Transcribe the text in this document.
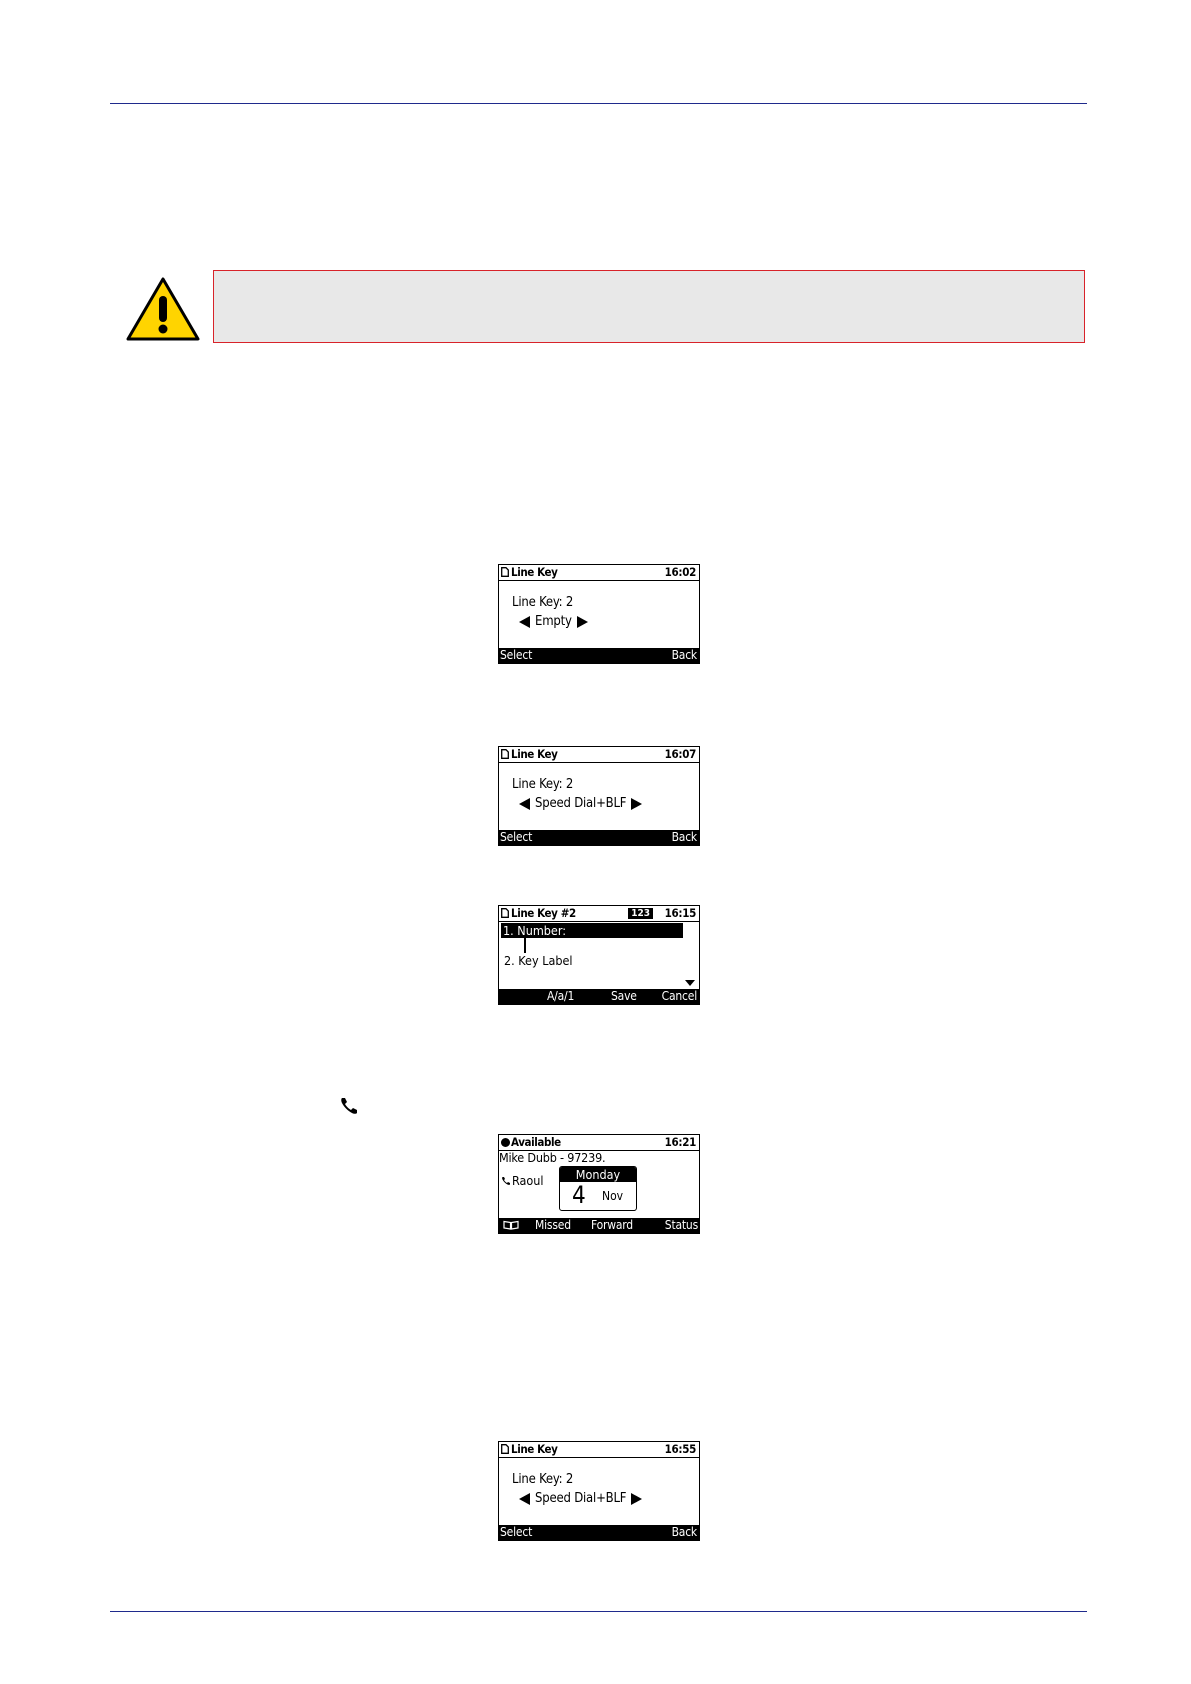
Line Key	16:02
Line Key: 2
Empty
Select	Back
Line Key	16:07
Line Key: 2
Speed Dial+BLF
Select	Back
Line Key #2	123 16:15
1. Number:
2. Key Label
A/a/1	Save Cancel
Available	16:21
Mike Dubb - 97239.
Raoul	Monday
4 Nov
Missed Forward	Status
Line Key	16:55
Line Key: 2
Speed Dial+BLF
Select	Back
